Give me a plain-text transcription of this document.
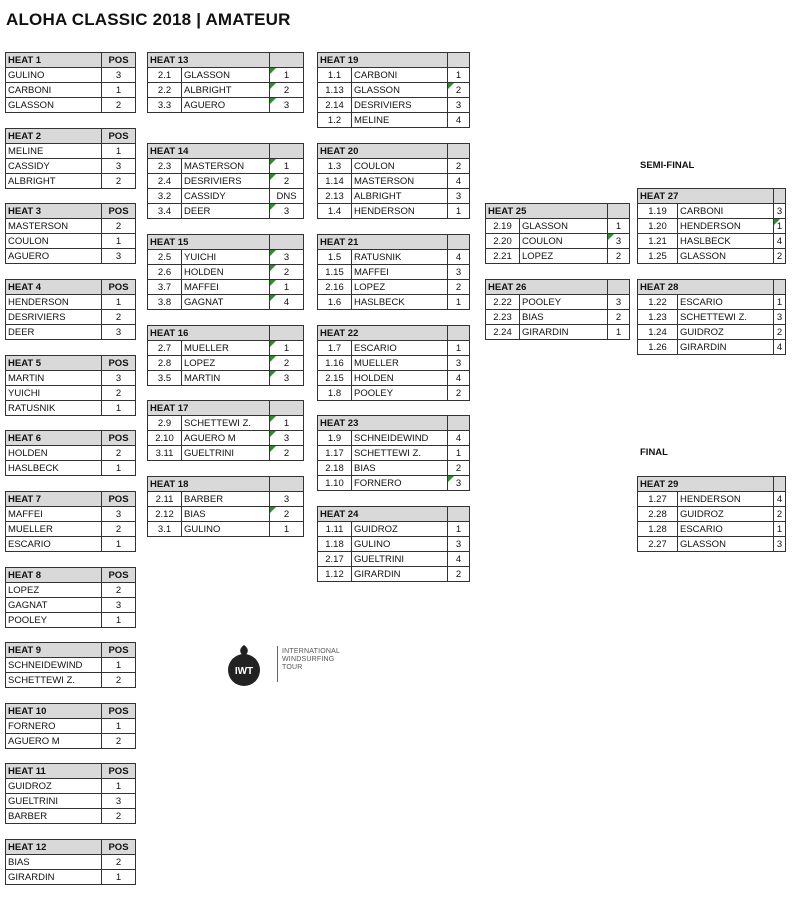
ALOHA CLASSIC 2018 | AMATEUR
SEMI-FINAL
FINAL
HEAT 1	POS
GULINO	3
CARBONI	1
GLASSON	2
HEAT 2	POS
MELINE	1
CASSIDY	3
ALBRIGHT	2
HEAT 3	POS
MASTERSON	2
COULON	1
AGUERO	3
HEAT 4	POS
HENDERSON	1
DESRIVIERS	2
DEER	3
HEAT 5	POS
MARTIN	3
YUICHI	2
RATUSNIK	1
HEAT 6	POS
HOLDEN	2
HASLBECK	1
HEAT 7	POS
MAFFEI	3
MUELLER	2
ESCARIO	1
HEAT 8	POS
LOPEZ	2
GAGNAT	3
POOLEY	1
HEAT 9	POS
SCHNEIDEWIND	1
SCHETTEWI Z.	2
HEAT 10	POS
FORNERO	1
AGUERO M	2
HEAT 11	POS
GUIDROZ	1
GUELTRINI	3
BARBER	2
HEAT 12	POS
BIAS	2
GIRARDIN	1
HEAT 13		
2.1	GLASSON	1
2.2	ALBRIGHT	2
3.3	AGUERO	3
HEAT 14		
2.3	MASTERSON	1
2.4	DESRIVIERS	2
3.2	CASSIDY	DNS
3.4	DEER	3
HEAT 15		
2.5	YUICHI	3
2.6	HOLDEN	2
3.7	MAFFEI	1
3.8	GAGNAT	4
HEAT 16		
2.7	MUELLER	1
2.8	LOPEZ	2
3.5	MARTIN	3
HEAT 17		
2.9	SCHETTEWI Z.	1
2.10	AGUERO M	3
3.11	GUELTRINI	2
HEAT 18		
2.11	BARBER	3
2.12	BIAS	2
3.1	GULINO	1
HEAT 19		
1.1	CARBONI	1
1.13	GLASSON	2
2.14	DESRIVIERS	3
1.2	MELINE	4
HEAT 20		
1.3	COULON	2
1.14	MASTERSON	4
2.13	ALBRIGHT	3
1.4	HENDERSON	1
HEAT 21		
1.5	RATUSNIK	4
1.15	MAFFEI	3
2.16	LOPEZ	2
1.6	HASLBECK	1
HEAT 22		
1.7	ESCARIO	1
1.16	MUELLER	3
2.15	HOLDEN	4
1.8	POOLEY	2
HEAT 23		
1.9	SCHNEIDEWIND	4
1.17	SCHETTEWI Z.	1
2.18	BIAS	2
1.10	FORNERO	3
HEAT 24		
1.11	GUIDROZ	1
1.18	GULINO	3
2.17	GUELTRINI	4
1.12	GIRARDIN	2
HEAT 25		
2.19	GLASSON	1
2.20	COULON	3
2.21	LOPEZ	2
HEAT 26		
2.22	POOLEY	3
2.23	BIAS	2
2.24	GIRARDIN	1
HEAT 27		
1.19	CARBONI	3
1.20	HENDERSON	1
1.21	HASLBECK	4
1.25	GLASSON	2
HEAT 28		
1.22	ESCARIO	1
1.23	SCHETTEWI Z.	3
1.24	GUIDROZ	2
1.26	GIRARDIN	4
HEAT 29		
1.27	HENDERSON	4
2.28	GUIDROZ	2
1.28	ESCARIO	1
2.27	GLASSON	3
IWT
INTERNATIONAL
WINDSURFING
TOUR
